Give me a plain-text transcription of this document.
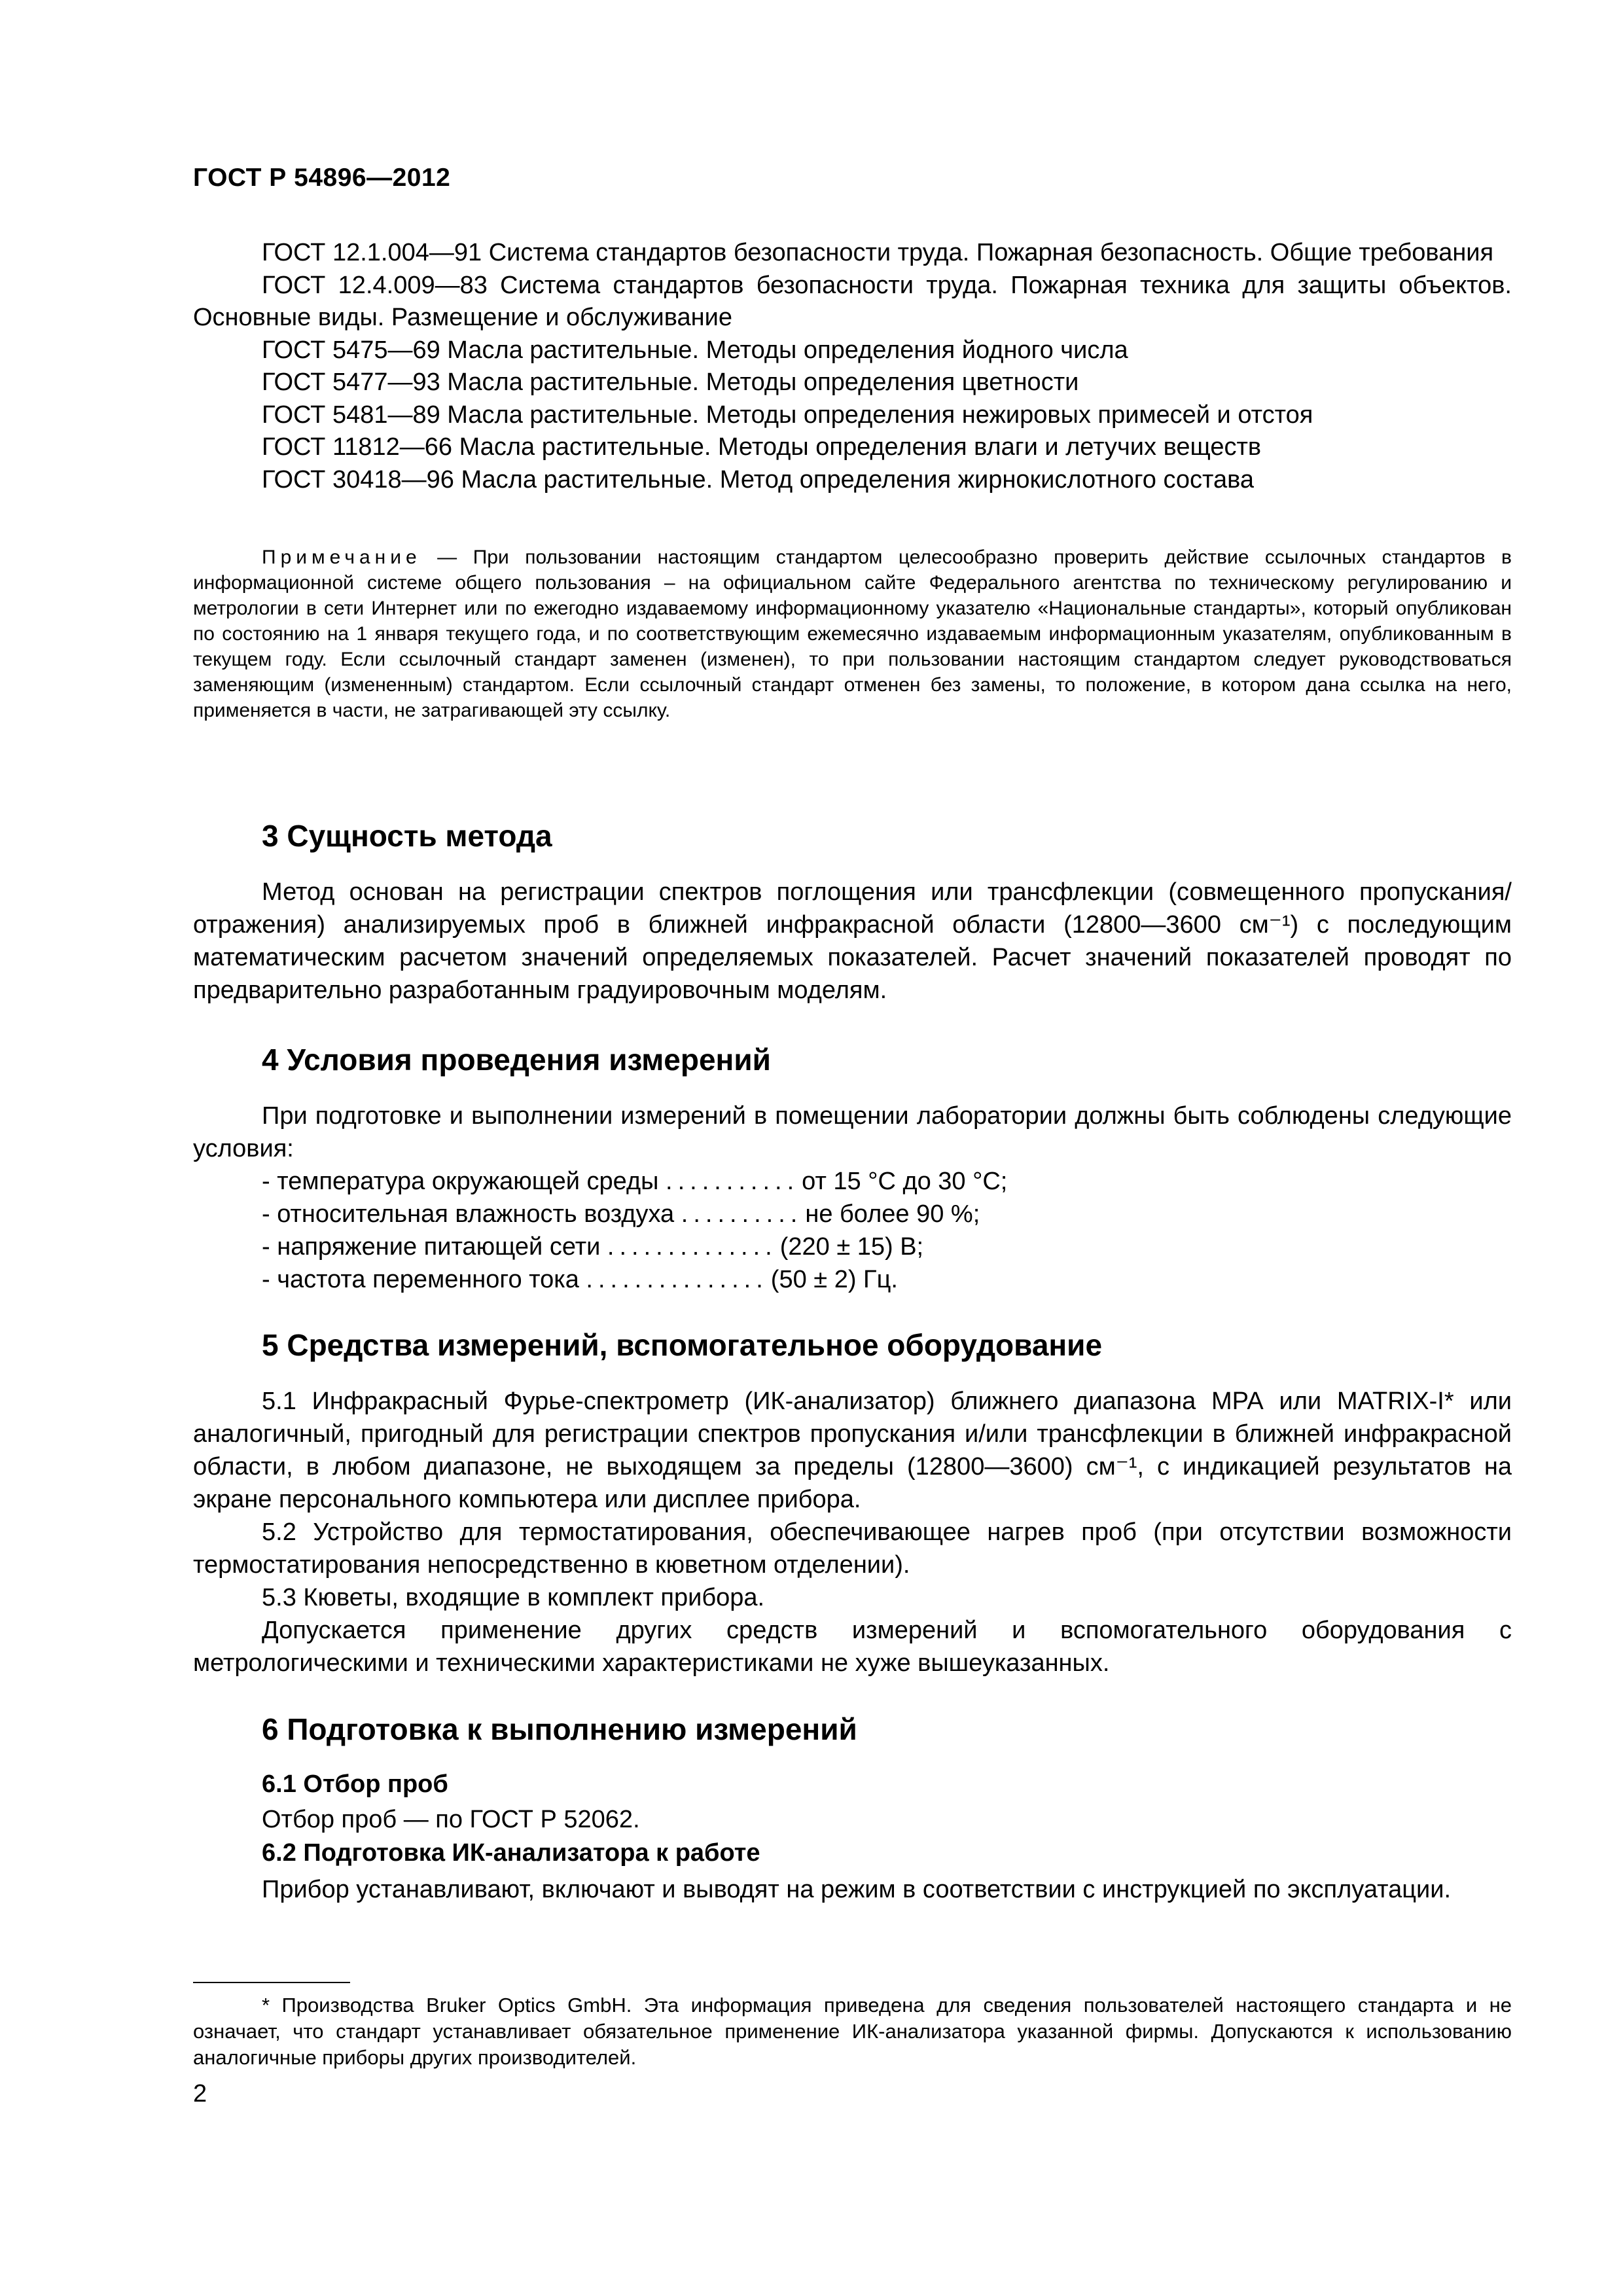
ГОСТ Р 54896—2012

ГОСТ 12.1.004—91 Система стандартов безопасности труда. Пожарная безопасность. Общие требования

ГОСТ 12.4.009—83 Система стандартов безопасности труда. Пожарная техника для защиты объектов. Основные виды. Размещение и обслуживание

ГОСТ 5475—69 Масла растительные. Методы определения йодного числа

ГОСТ 5477—93 Масла растительные. Методы определения цветности

ГОСТ 5481—89 Масла растительные. Методы определения нежировых примесей и отстоя

ГОСТ 11812—66 Масла растительные. Методы определения влаги и летучих веществ

ГОСТ 30418—96 Масла растительные. Метод определения жирнокислотного состава

Примечание — При пользовании настоящим стандартом целесообразно проверить действие ссылочных стандартов в информационной системе общего пользования – на официальном сайте Федерального агентства по техническому регулированию и метрологии в сети Интернет или по ежегодно издаваемому информационному указателю «Национальные стандарты», который опубликован по состоянию на 1 января текущего года, и по соответствующим ежемесячно издаваемым информационным указателям, опубликованным в текущем году. Если ссылочный стандарт заменен (изменен), то при пользовании настоящим стандартом следует руководствоваться заменяющим (измененным) стандартом. Если ссылочный стандарт отменен без замены, то положение, в котором дана ссылка на него, применяется в части, не затрагивающей эту ссылку.
3 Сущность метода

Метод основан на регистрации спектров поглощения или трансфлекции (совмещенного пропускания/отражения) анализируемых проб в ближней инфракрасной области (12800—3600 см⁻¹) с последующим математическим расчетом значений определяемых показателей. Расчет значений показателей проводят по предварительно разработанным градуировочным моделям.

4 Условия проведения измерений

При подготовке и выполнении измерений в помещении лаборатории должны быть соблюдены следующие условия:

- температура окружающей среды
........... от 15 °С до 30 °С;
- относительная влажность воздуха
.......... не более 90 %;
- напряжение питающей сети
.............. (220 ± 15) В;
- частота переменного тока
............... (50 ± 2) Гц.
5 Средства измерений, вспомогательное оборудование

5.1 Инфракрасный Фурье-спектрометр (ИК-анализатор) ближнего диапазона МРА или MATRIX-I* или аналогичный, пригодный для регистрации спектров пропускания и/или трансфлекции в ближней инфракрасной области, в любом диапазоне, не выходящем за пределы (12800—3600) см⁻¹, с индикацией результатов на экране персонального компьютера или дисплее прибора.

5.2 Устройство для термостатирования, обеспечивающее нагрев проб (при отсутствии возможности термостатирования непосредственно в кюветном отделении).

5.3 Кюветы, входящие в комплект прибора.

Допускается применение других средств измерений и вспомогательного оборудования с метрологическими и техническими характеристиками не хуже вышеуказанных.

6 Подготовка к выполнению измерений
6.1 Отбор проб

Отбор проб — по ГОСТ Р 52062.

6.2 Подготовка ИК-анализатора к работе

Прибор устанавливают, включают и выводят на режим в соответствии с инструкцией по эксплуатации.

* Производства Bruker Optics GmbH. Эта информация приведена для сведения пользователей настоящего стандарта и не означает, что стандарт устанавливает обязательное применение ИК-анализатора указанной фирмы. Допускаются к использованию аналогичные приборы других производителей.
2
